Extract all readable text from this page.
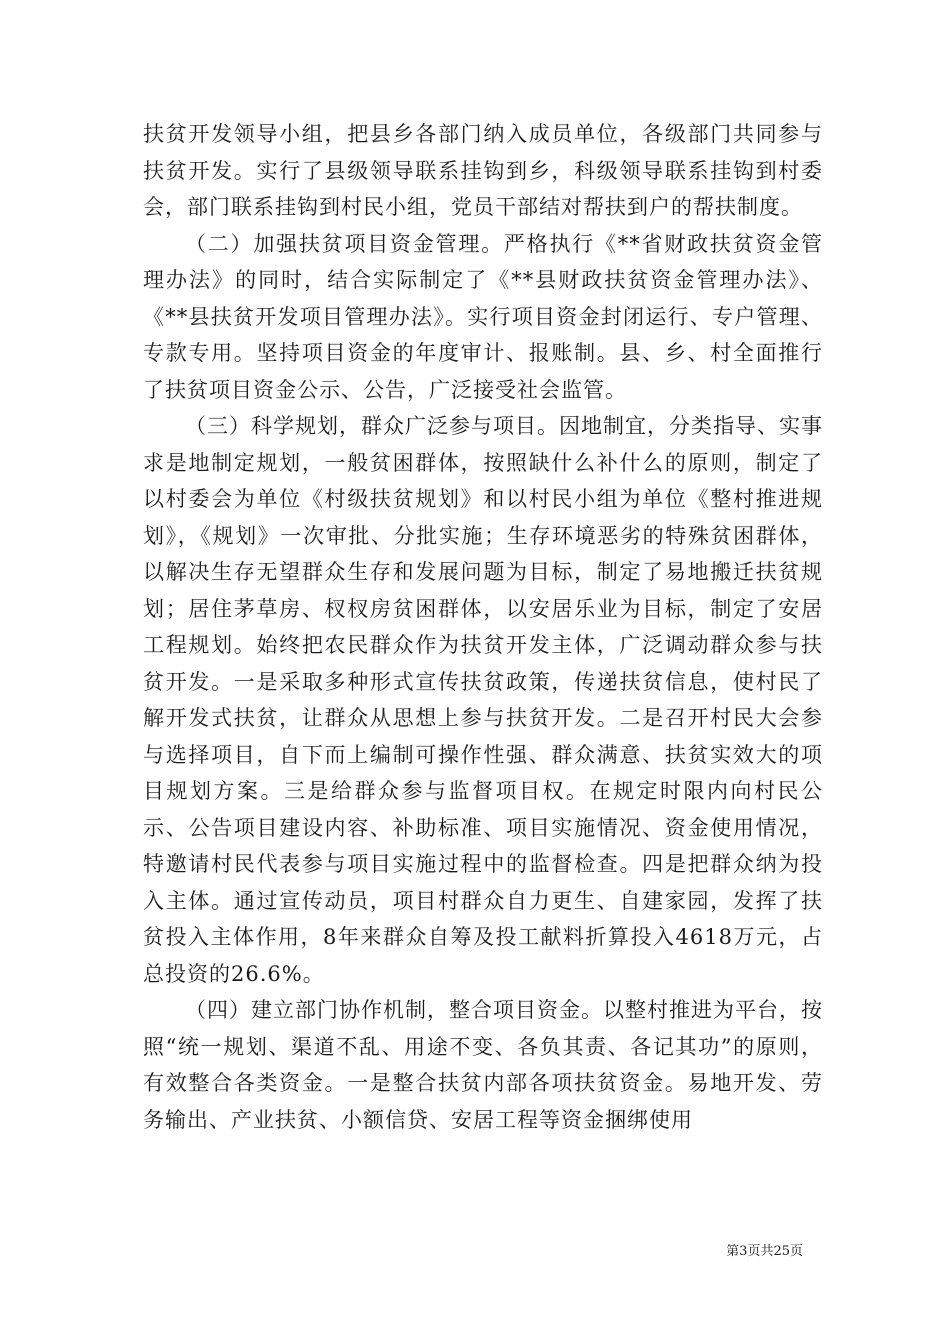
扶贫开发领导小组，把县乡各部门纳入成员单位，各级部门共同参与扶贫开发。实行了县级领导联系挂钩到乡，科级领导联系挂钩到村委会，部门联系挂钩到村民小组，党员干部结对帮扶到户的帮扶制度。

（二）加强扶贫项目资金管理。严格执行《**省财政扶贫资金管理办法》的同时，结合实际制定了《**县财政扶贫资金管理办法》、《**县扶贫开发项目管理办法》。实行项目资金封闭运行、专户管理、专款专用。坚持项目资金的年度审计、报账制。县、乡、村全面推行了扶贫项目资金公示、公告，广泛接受社会监管。

（三）科学规划，群众广泛参与项目。因地制宜，分类指导、实事求是地制定规划，一般贫困群体，按照缺什么补什么的原则，制定了以村委会为单位《村级扶贫规划》和以村民小组为单位《整村推进规划》，《规划》一次审批、分批实施；生存环境恶劣的特殊贫困群体，以解决生存无望群众生存和发展问题为目标，制定了易地搬迁扶贫规划；居住茅草房、杈杈房贫困群体，以安居乐业为目标，制定了安居工程规划。始终把农民群众作为扶贫开发主体，广泛调动群众参与扶贫开发。一是采取多种形式宣传扶贫政策，传递扶贫信息，使村民了解开发式扶贫，让群众从思想上参与扶贫开发。二是召开村民大会参与选择项目，自下而上编制可操作性强、群众满意、扶贫实效大的项目规划方案。三是给群众参与监督项目权。在规定时限内向村民公示、公告项目建设内容、补助标准、项目实施情况、资金使用情况，特邀请村民代表参与项目实施过程中的监督检查。四是把群众纳为投入主体。通过宣传动员，项目村群众自力更生、自建家园，发挥了扶贫投入主体作用，8年来群众自筹及投工献料折算投入4618万元，占总投资的26.6%。

（四）建立部门协作机制，整合项目资金。以整村推进为平台，按照“统一规划、渠道不乱、用途不变、各负其责、各记其功”的原则，有效整合各类资金。一是整合扶贫内部各项扶贫资金。易地开发、劳务输出、产业扶贫、小额信贷、安居工程等资金捆绑使用

第3页共25页
